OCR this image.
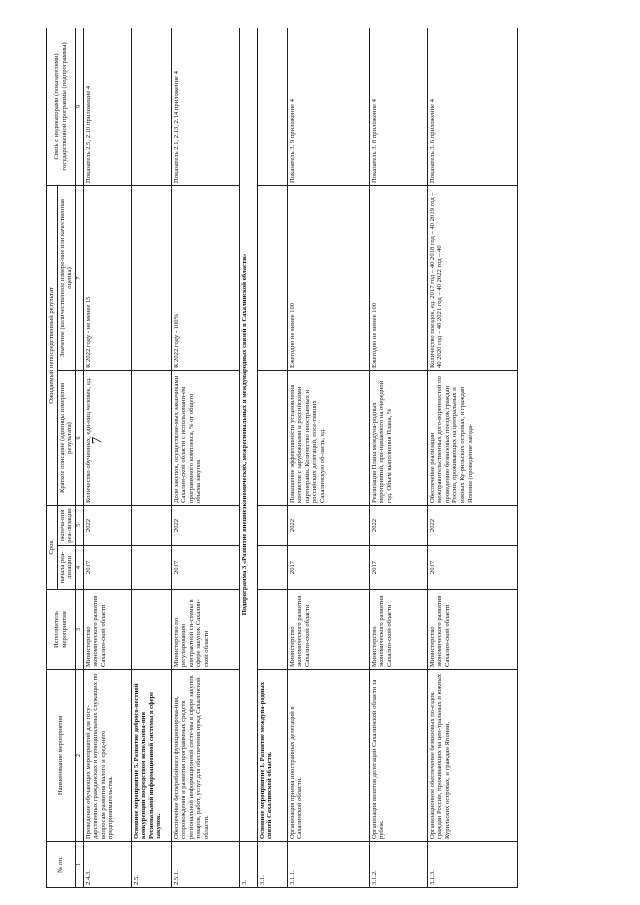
7
№ пп.	Наименование мероприятия	Исполнитель мероприятия	Срок		Ожидаемый непосредственный результат		Связь с индикаторами (показателями) государственной программы (подпрограммы)
			начала реа-лизации	оконча-ния реа-лизации	Краткое описание (единицы измерения результата)	Значение (количественное измере-ние или качественная оценка)	
1	2	3	4	5	6	7	9
2.4.3.	Проведение обучающих мероприятий для госу-дарственных гражданских и муниципальных служащих по вопросам развития малого и сред-него предпринимательства.	Министерство экономического развития Сахалин-ской области	2017	2022	Количество обученных, еди-ниц человек, ед.	К 2022 году - не менее 15	Показатель 2.5, 2.10 приложение 4
2.5.	Основное мероприятие 5. Развитие добросо-вестной конкуренции посредством использова-ния Региональной информационной системы в сфере закупок.						
2.5.1.	Обеспечение бесперебойного функционирова-ния, сопровождения и развития программных средств региональной информационной систе-мы в сфере закупок товаров, работ, услуг для обеспечения нужд Сахалинской области.	Министерство по регулированию контрактной си-стемы в сфере закупок Сахалин-ской области	2017	2022	Доля закупок, осуществляе-мых заказчиками Сахалин-ской области с использовани-ем программного комплекса, % от общего объема закупок	К 2022 году - 100%	Показатель 2.1, 2.13, 2.14 приложение 4
3.	Подпрограмма 3 «Развитие внешнеэкономических, межрегиональных и международных связей в Сахалинской области»						
3.1.	Основное мероприятие 1. Развитие междуна-родных связей Сахалинской области.						
3.1.1.	Организация приема иностранных делегаций в Сахалинской области.	Министерство экономического развития Сахалин-ской области	2017	2022	Повышение эффективности установления контактов с зарубежными и российскими партнерами. Количество иностранных и российских делегаций, посе-тивших Сахалинскую об-ласть, ед.	Ежегодно не менее 100	Показатель 3. 9 приложение 4
3.1.2.	Организация визитов делегаций Сахалинской области за рубеж.	Министерство экономического развития Сахалин-ской области	2017	2022	Реализация Плана междуна-родных мероприятий, при-нимаемого на очередной год. Объем выполнения Плана, %	Ежегодно не менее 100	Показатель 3. 8 приложение 4
3.1.3.	Организационное обеспечение безвизовых по-ездок граждан России, проживающих на цен-тральных и южных Курильских островах, и граждан Японии.	Министерство экономического развития Сахалин-ской области	2017	2022	Обеспечение реализации межправительственных дого-воренностей по проведению безвизовых поездок граждан России, проживающих на центральных и южных Ку-рильских островах, и граждан Японии (проведение заезда-	Количество поездок, ед. 2017 год – 40 2018 год – 40 2019 год – 40 2020 год – 40 2021 год – 40 2022 год – 40	Показатель 3. 6 приложение 4
